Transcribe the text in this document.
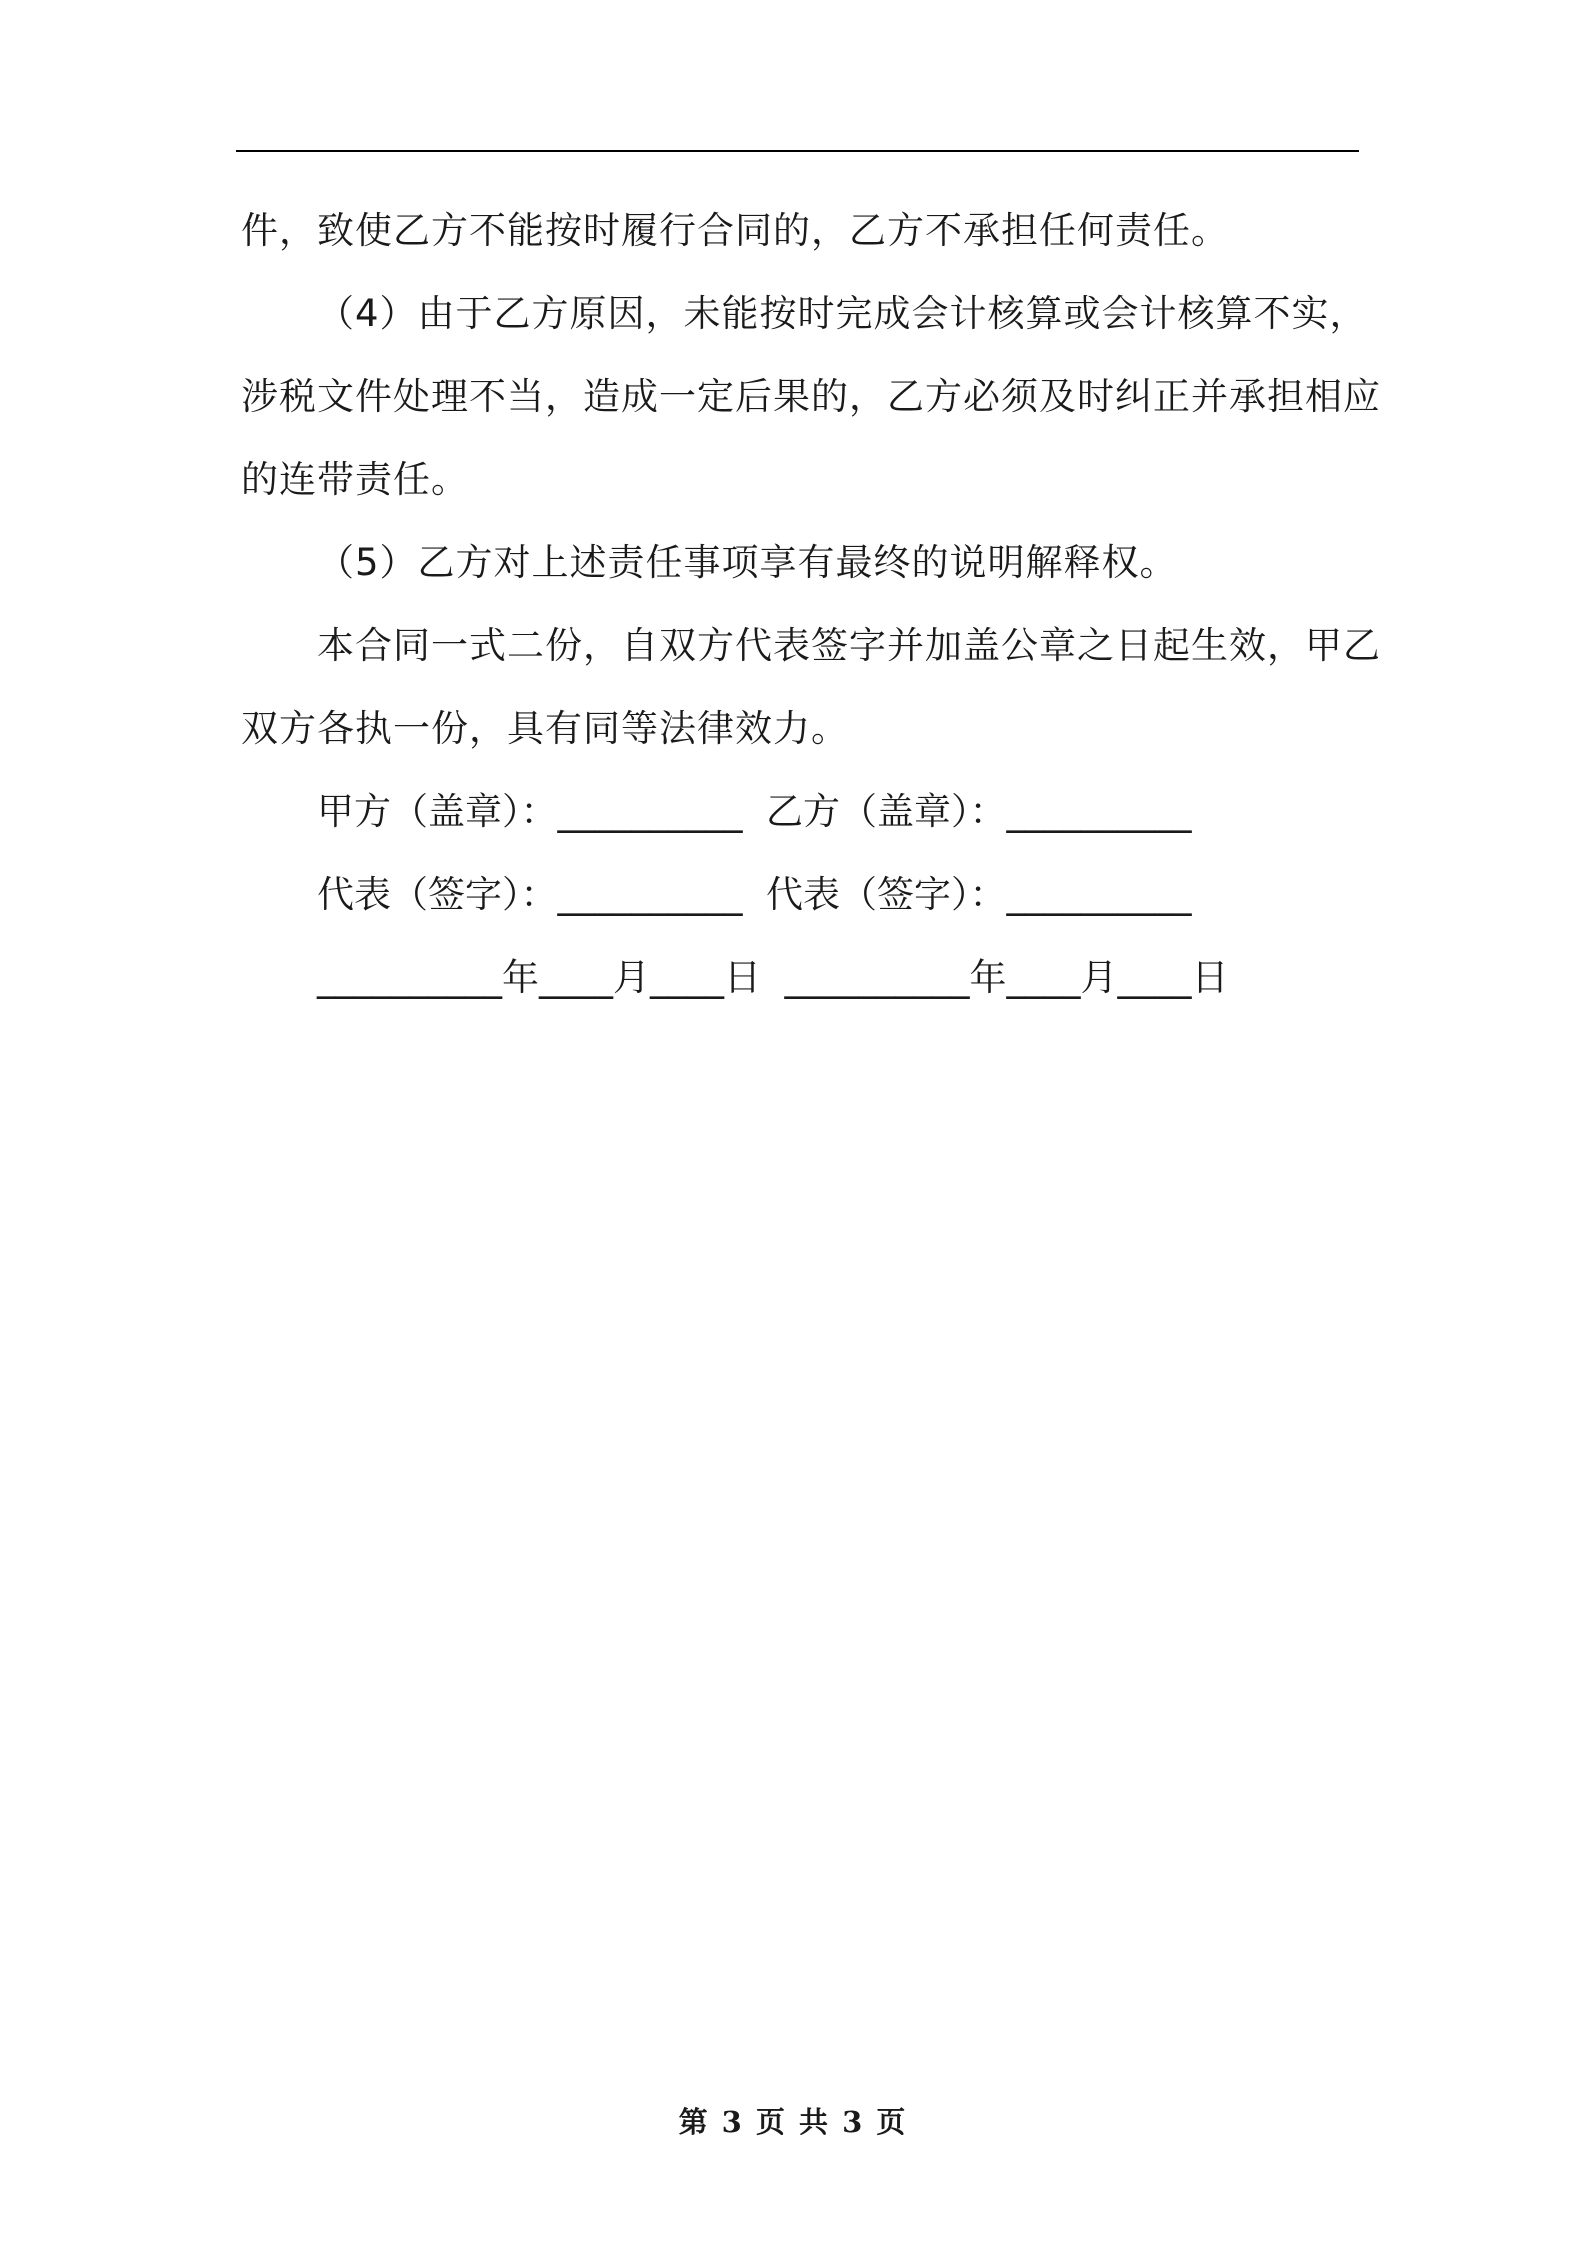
件，致使乙方不能按时履行合同的，乙方不承担任何责任。
（4）由于乙方原因，未能按时完成会计核算或会计核算不实，
涉税文件处理不当，造成一定后果的，乙方必须及时纠正并承担相应
的连带责任。
（5）乙方对上述责任事项享有最终的说明解释权。
本合同一式二份，自双方代表签字并加盖公章之日起生效，甲乙
双方各执一份，具有同等法律效力。
甲方（盖章）：__________ 乙方（盖章）：__________
代表（签字）：__________ 代表（签字）：__________
__________年____月____日 __________年____月____日
第 3 页 共 3 页
